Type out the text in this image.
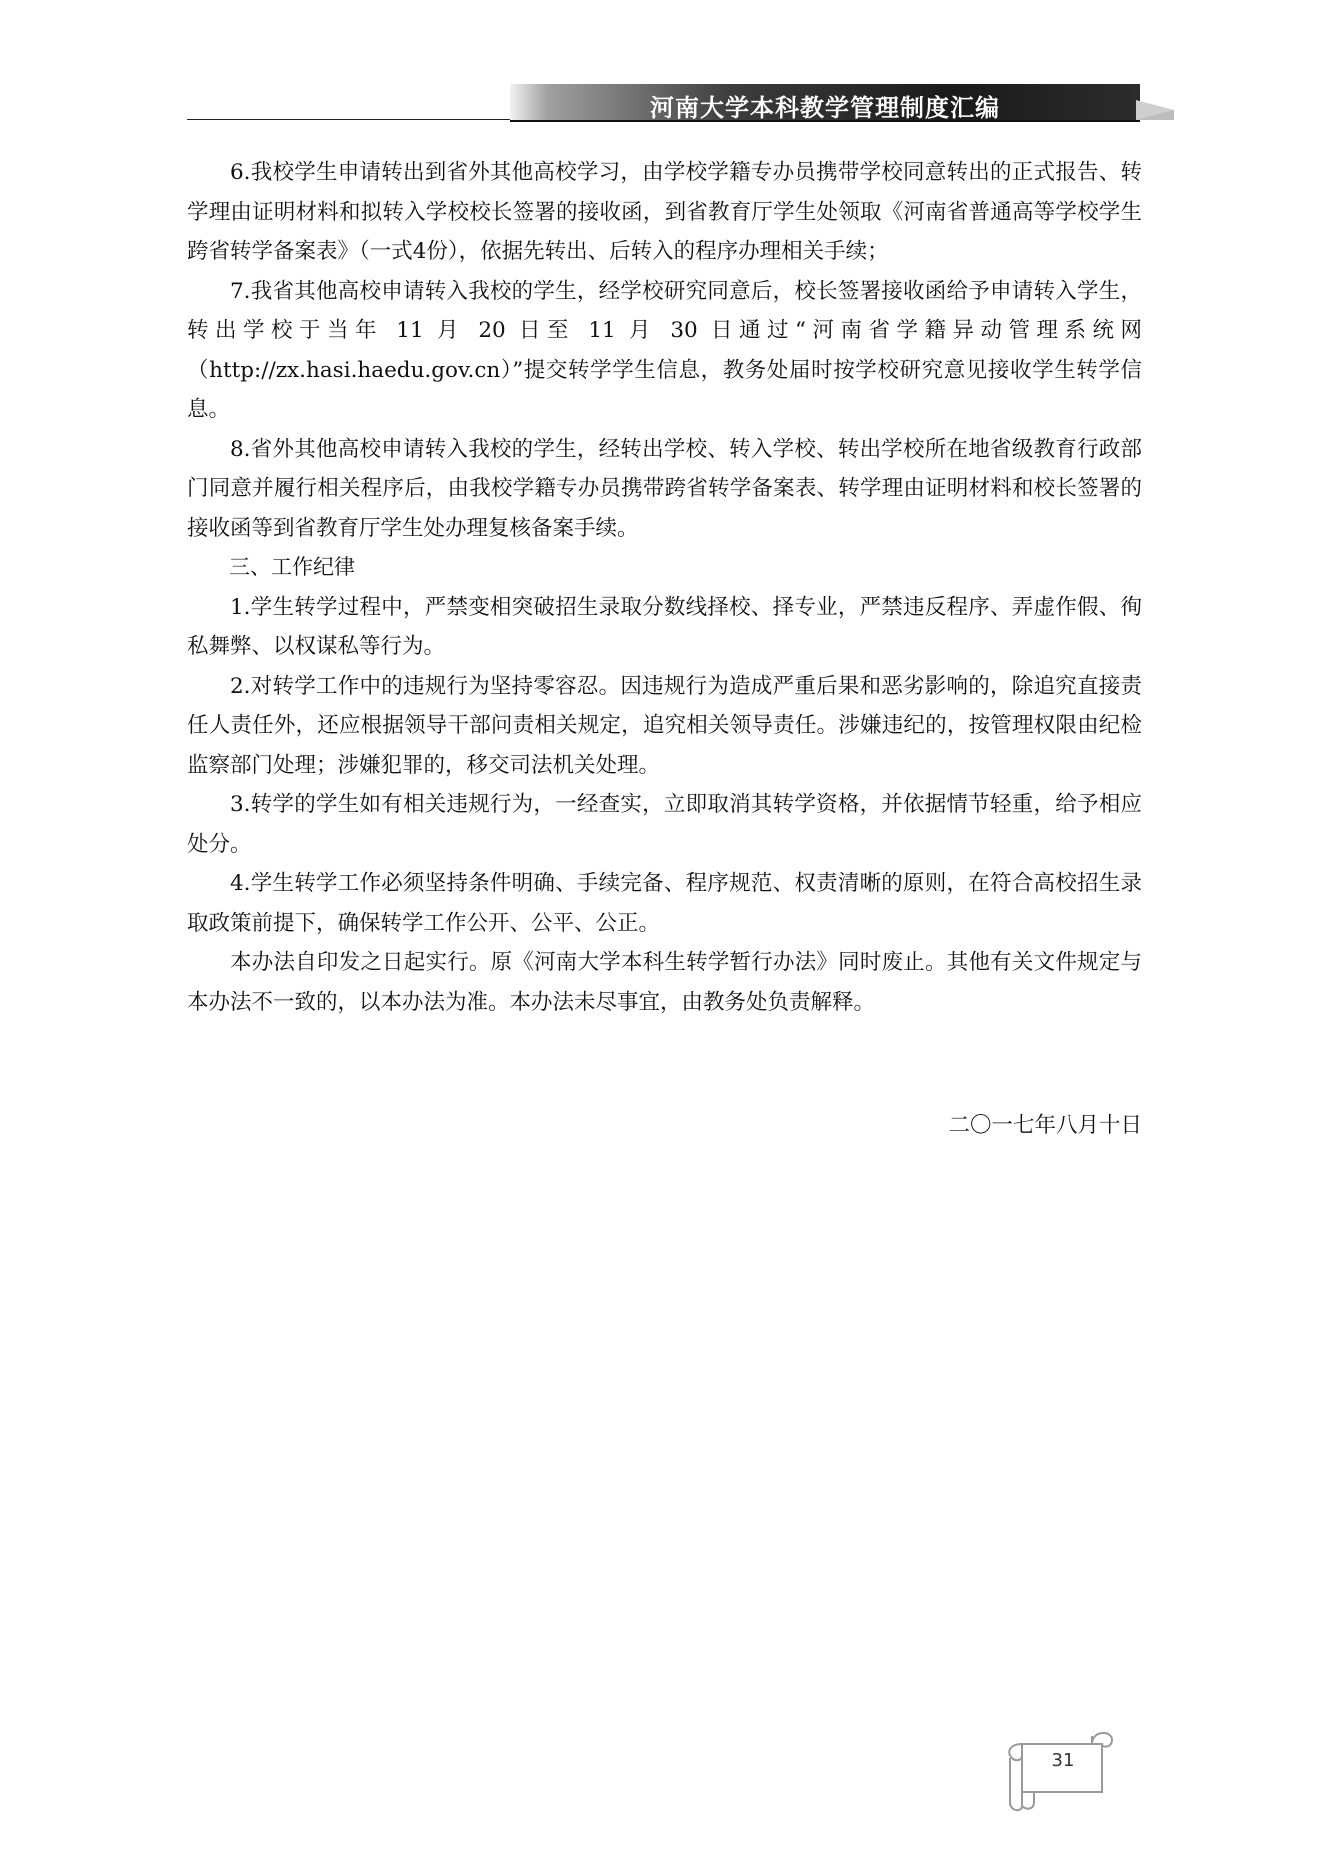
河南大学本科教学管理制度汇编

6.我校学生申请转出到省外其他高校学习，由学校学籍专办员携带学校同意转出的正式报告、转学理由证明材料和拟转入学校校长签署的接收函，到省教育厅学生处领取《河南省普通高等学校学生跨省转学备案表》（一式4份），依据先转出、后转入的程序办理相关手续；

7.我省其他高校申请转入我校的学生，经学校研究同意后，校长签署接收函给予申请转入学生，转出学校于当年 11 月 20 日至 11 月 30 日通过“河南省学籍异动管理系统网（http://zx.hasi.haedu.gov.cn）”提交转学学生信息，教务处届时按学校研究意见接收学生转学信息。

8.省外其他高校申请转入我校的学生，经转出学校、转入学校、转出学校所在地省级教育行政部门同意并履行相关程序后，由我校学籍专办员携带跨省转学备案表、转学理由证明材料和校长签署的接收函等到省教育厅学生处办理复核备案手续。

三、工作纪律

1.学生转学过程中，严禁变相突破招生录取分数线择校、择专业，严禁违反程序、弄虚作假、徇私舞弊、以权谋私等行为。

2.对转学工作中的违规行为坚持零容忍。因违规行为造成严重后果和恶劣影响的，除追究直接责任人责任外，还应根据领导干部问责相关规定，追究相关领导责任。涉嫌违纪的，按管理权限由纪检监察部门处理；涉嫌犯罪的，移交司法机关处理。

3.转学的学生如有相关违规行为，一经查实，立即取消其转学资格，并依据情节轻重，给予相应处分。

4.学生转学工作必须坚持条件明确、手续完备、程序规范、权责清晰的原则，在符合高校招生录取政策前提下，确保转学工作公开、公平、公正。

本办法自印发之日起实行。原《河南大学本科生转学暂行办法》同时废止。其他有关文件规定与本办法不一致的，以本办法为准。本办法未尽事宜，由教务处负责解释。

二〇一七年八月十日
31
